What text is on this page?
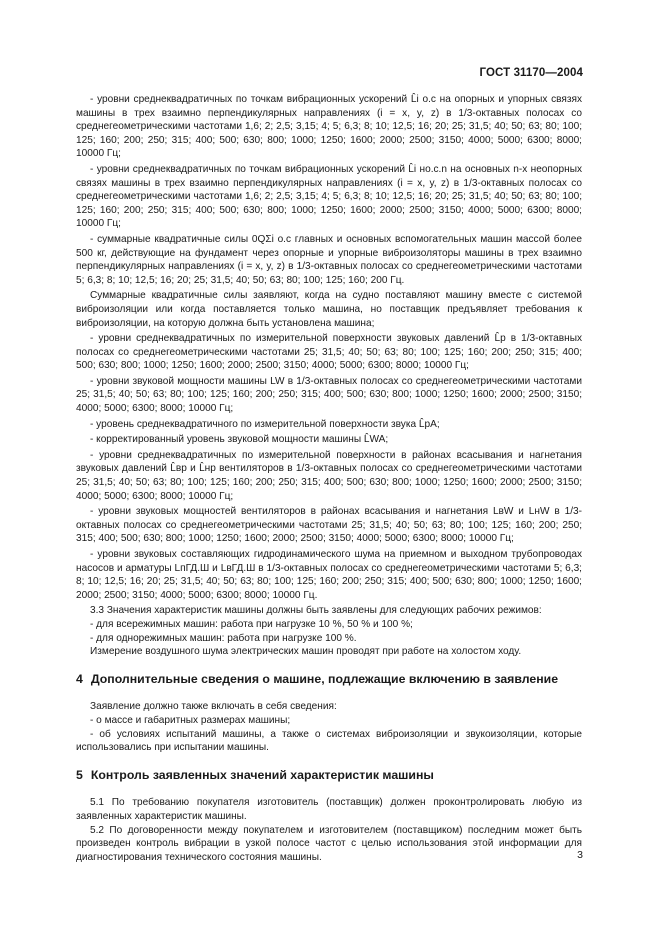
ГОСТ 31170—2004

- уровни среднеквадратичных по точкам вибрационных ускорений L̂i o.c на опорных и упорных связях машины в трех взаимно перпендикулярных направлениях (i = x, y, z) в 1/3-октавных полосах со среднегеометрическими частотами 1,6; 2; 2,5; 3,15; 4; 5; 6,3; 8; 10; 12,5; 16; 20; 25; 31,5; 40; 50; 63; 80; 100; 125; 160; 200; 250; 315; 400; 500; 630; 800; 1000; 1250; 1600; 2000; 2500; 3150; 4000; 5000; 6300; 8000; 10000 Гц;

- уровни среднеквадратичных по точкам вибрационных ускорений L̂i но.с.n на основных n-х неопорных связях машины в трех взаимно перпендикулярных направлениях (i = x, y, z) в 1/3-октавных полосах со среднегеометрическими частотами 1,6; 2; 2,5; 3,15; 4; 5; 6,3; 8; 10; 12,5; 16; 20; 25; 31,5; 40; 50; 63; 80; 100; 125; 160; 200; 250; 315; 400; 500; 630; 800; 1000; 1250; 1600; 2000; 2500; 3150; 4000; 5000; 6300; 8000; 10000 Гц;

- суммарные квадратичные силы 0QΣi o.c главных и основных вспомогательных машин массой более 500 кг, действующие на фундамент через опорные и упорные виброизоляторы машины в трех взаимно перпендикулярных направлениях (i = x, y, z) в 1/3-октавных полосах со среднегеометрическими частотами 5; 6,3; 8; 10; 12,5; 16; 20; 25; 31,5; 40; 50; 63; 80; 100; 125; 160; 200 Гц.

Суммарные квадратичные силы заявляют, когда на судно поставляют машину вместе с системой виброизоляции или когда поставляется только машина, но поставщик предъявляет требования к виброизоляции, на которую должна быть установлена машина;

- уровни среднеквадратичных по измерительной поверхности звуковых давлений L̂p в 1/3-октавных полосах со среднегеометрическими частотами 25; 31,5; 40; 50; 63; 80; 100; 125; 160; 200; 250; 315; 400; 500; 630; 800; 1000; 1250; 1600; 2000; 2500; 3150; 4000; 5000; 6300; 8000; 10000 Гц;

- уровни звуковой мощности машины LW в 1/3-октавных полосах со среднегеометрическими частотами 25; 31,5; 40; 50; 63; 80; 100; 125; 160; 200; 250; 315; 400; 500; 630; 800; 1000; 1250; 1600; 2000; 2500; 3150; 4000; 5000; 6300; 8000; 10000 Гц;

- уровень среднеквадратичного по измерительной поверхности звука L̂pA;

- корректированный уровень звуковой мощности машины L̂WA;

- уровни среднеквадратичных по измерительной поверхности в районах всасывания и нагнетания звуковых давлений L̂вp и L̂нp вентиляторов в 1/3-октавных полосах со среднегеометрическими частотами 25; 31,5; 40; 50; 63; 80; 100; 125; 160; 200; 250; 315; 400; 500; 630; 800; 1000; 1250; 1600; 2000; 2500; 3150; 4000; 5000; 6300; 8000; 10000 Гц;

- уровни звуковых мощностей вентиляторов в районах всасывания и нагнетания LвW и LнW в 1/3-октавных полосах со среднегеометрическими частотами 25; 31,5; 40; 50; 63; 80; 100; 125; 160; 200; 250; 315; 400; 500; 630; 800; 1000; 1250; 1600; 2000; 2500; 3150; 4000; 5000; 6300; 8000; 10000 Гц;

- уровни звуковых составляющих гидродинамического шума на приемном и выходном трубопроводах насосов и арматуры LпГД.Ш и LвГД.Ш в 1/3-октавных полосах со среднегеометрическими частотами 5; 6,3; 8; 10; 12,5; 16; 20; 25; 31,5; 40; 50; 63; 80; 100; 125; 160; 200; 250; 315; 400; 500; 630; 800; 1000; 1250; 1600; 2000; 2500; 3150; 4000; 5000; 6300; 8000; 10000 Гц.

3.3 Значения характеристик машины должны быть заявлены для следующих рабочих режимов:

- для всережимных машин: работа при нагрузке 10 %, 50 % и 100 %;

- для однорежимных машин: работа при нагрузке 100 %.

Измерение воздушного шума электрических машин проводят при работе на холостом ходу.

4 Дополнительные сведения о машине, подлежащие включению в заявление

Заявление должно также включать в себя сведения:

- о массе и габаритных размерах машины;

- об условиях испытаний машины, а также о системах виброизоляции и звукоизоляции, которые использовались при испытании машины.

5 Контроль заявленных значений характеристик машины

5.1 По требованию покупателя изготовитель (поставщик) должен проконтролировать любую из заявленных характеристик машины.

5.2 По договоренности между покупателем и изготовителем (поставщиком) последним может быть произведен контроль вибрации в узкой полосе частот с целью использования этой информации для диагностирования технического состояния машины.	3
